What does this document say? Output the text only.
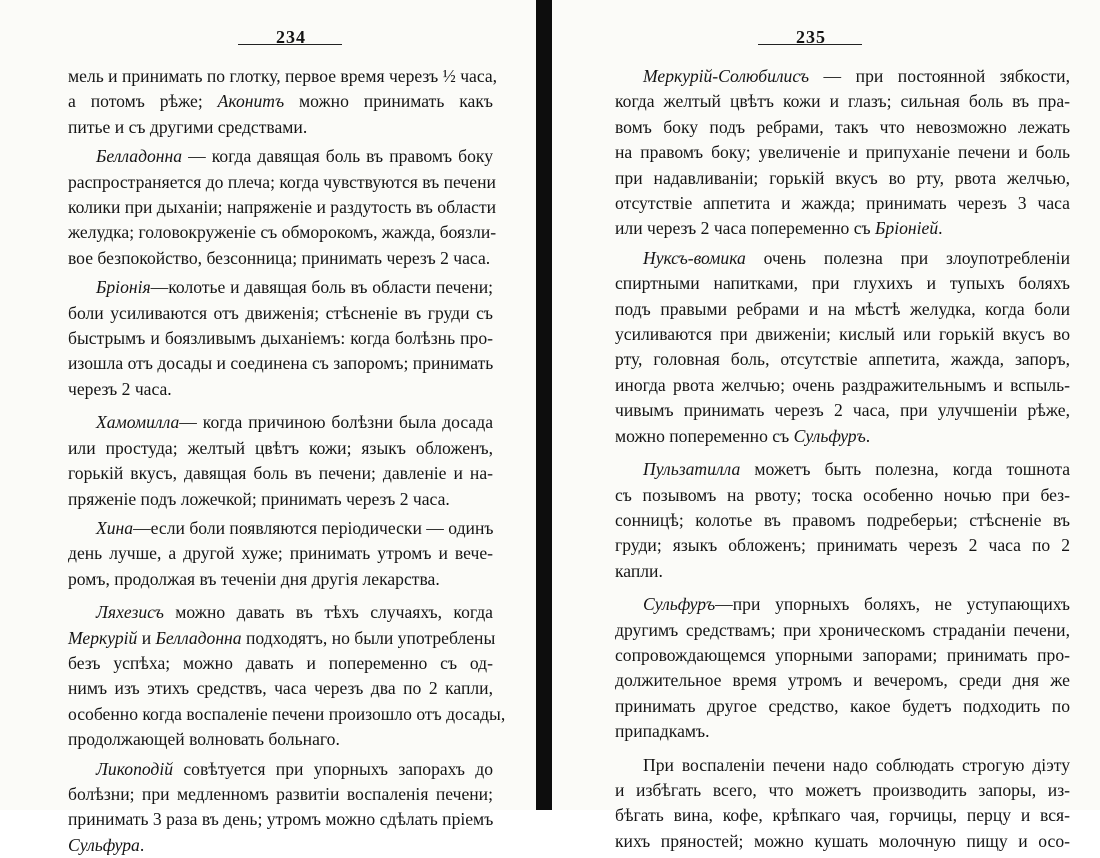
234
мель и принимать по глотку, первое время черезъ ½ часа,
а потомъ рѣже; Аконитъ можно принимать какъ
питье и съ другими средствами.
Белладонна — когда давящая боль въ правомъ боку
распространяется до плеча; когда чувствуются въ печени
колики при дыханіи; напряженіе и раздутость въ области
желудка; головокруженіе съ обморокомъ, жажда, боязли-
вое безпокойство, безсонница; принимать черезъ 2 часа.
Бріонія—колотье и давящая боль въ области печени;
боли усиливаются отъ движенія; стѣсненіе въ груди съ
быстрымъ и боязливымъ дыханіемъ: когда болѣзнь про-
изошла отъ досады и соединена съ запоромъ; принимать
черезъ 2 часа.
Хамомилла— когда причиною болѣзни была досада
или простуда; желтый цвѣтъ кожи; языкъ обложенъ,
горькій вкусъ, давящая боль въ печени; давленіе и на-
пряженіе подъ ложечкой; принимать черезъ 2 часа.
Хина—если боли появляются періодически — одинъ
день лучше, а другой хуже; принимать утромъ и вече-
ромъ, продолжая въ теченіи дня другія лекарства.
Ляхезисъ можно давать въ тѣхъ случаяхъ, когда
Меркурій и Белладонна подходятъ, но были употреблены
безъ успѣха; можно давать и попеременно съ од-
нимъ изъ этихъ средствъ, часа черезъ два по 2 капли,
особенно когда воспаленіе печени произошло отъ досады,
продолжающей волновать больнаго.
Ликоподій совѣтуется при упорныхъ запорахъ до
болѣзни; при медленномъ развитіи воспаленія печени;
принимать 3 раза въ день; утромъ можно сдѣлать пріемъ
Сульфура.
235
Меркурій-Солюбилисъ — при постоянной зябкости,
когда желтый цвѣтъ кожи и глазъ; сильная боль въ пра-
вомъ боку подъ ребрами, такъ что невозможно лежать
на правомъ боку; увеличеніе и припуханіе печени и боль
при надавливаніи; горькій вкусъ во рту, рвота желчью,
отсутствіе аппетита и жажда; принимать черезъ 3 часа
или черезъ 2 часа попеременно съ Бріоніей.
Нуксъ-вомика очень полезна при злоупотребленіи
спиртными напитками, при глухихъ и тупыхъ боляхъ
подъ правыми ребрами и на мѣстѣ желудка, когда боли
усиливаются при движеніи; кислый или горькій вкусъ во
рту, головная боль, отсутствіе аппетита, жажда, запоръ,
иногда рвота желчью; очень раздражительнымъ и вспыль-
чивымъ принимать черезъ 2 часа, при улучшеніи рѣже,
можно попеременно съ Сульфуръ.
Пульзатилла можетъ быть полезна, когда тошнота
съ позывомъ на рвоту; тоска особенно ночью при без-
сонницѣ; колотье въ правомъ подреберьи; стѣсненіе въ
груди; языкъ обложенъ; принимать черезъ 2 часа по 2
капли.
Сульфуръ—при упорныхъ боляхъ, не уступающихъ
другимъ средствамъ; при хроническомъ страданіи печени,
сопровождающемся упорными запорами; принимать про-
должительное время утромъ и вечеромъ, среди дня же
принимать другое средство, какое будетъ подходить по
припадкамъ.
При воспаленіи печени надо соблюдать строгую діэту
и избѣгать всего, что можетъ производить запоры, из-
бѣгать вина, кофе, крѣпкаго чая, горчицы, перцу и вся-
кихъ пряностей; можно кушать молочную пищу и осо-
